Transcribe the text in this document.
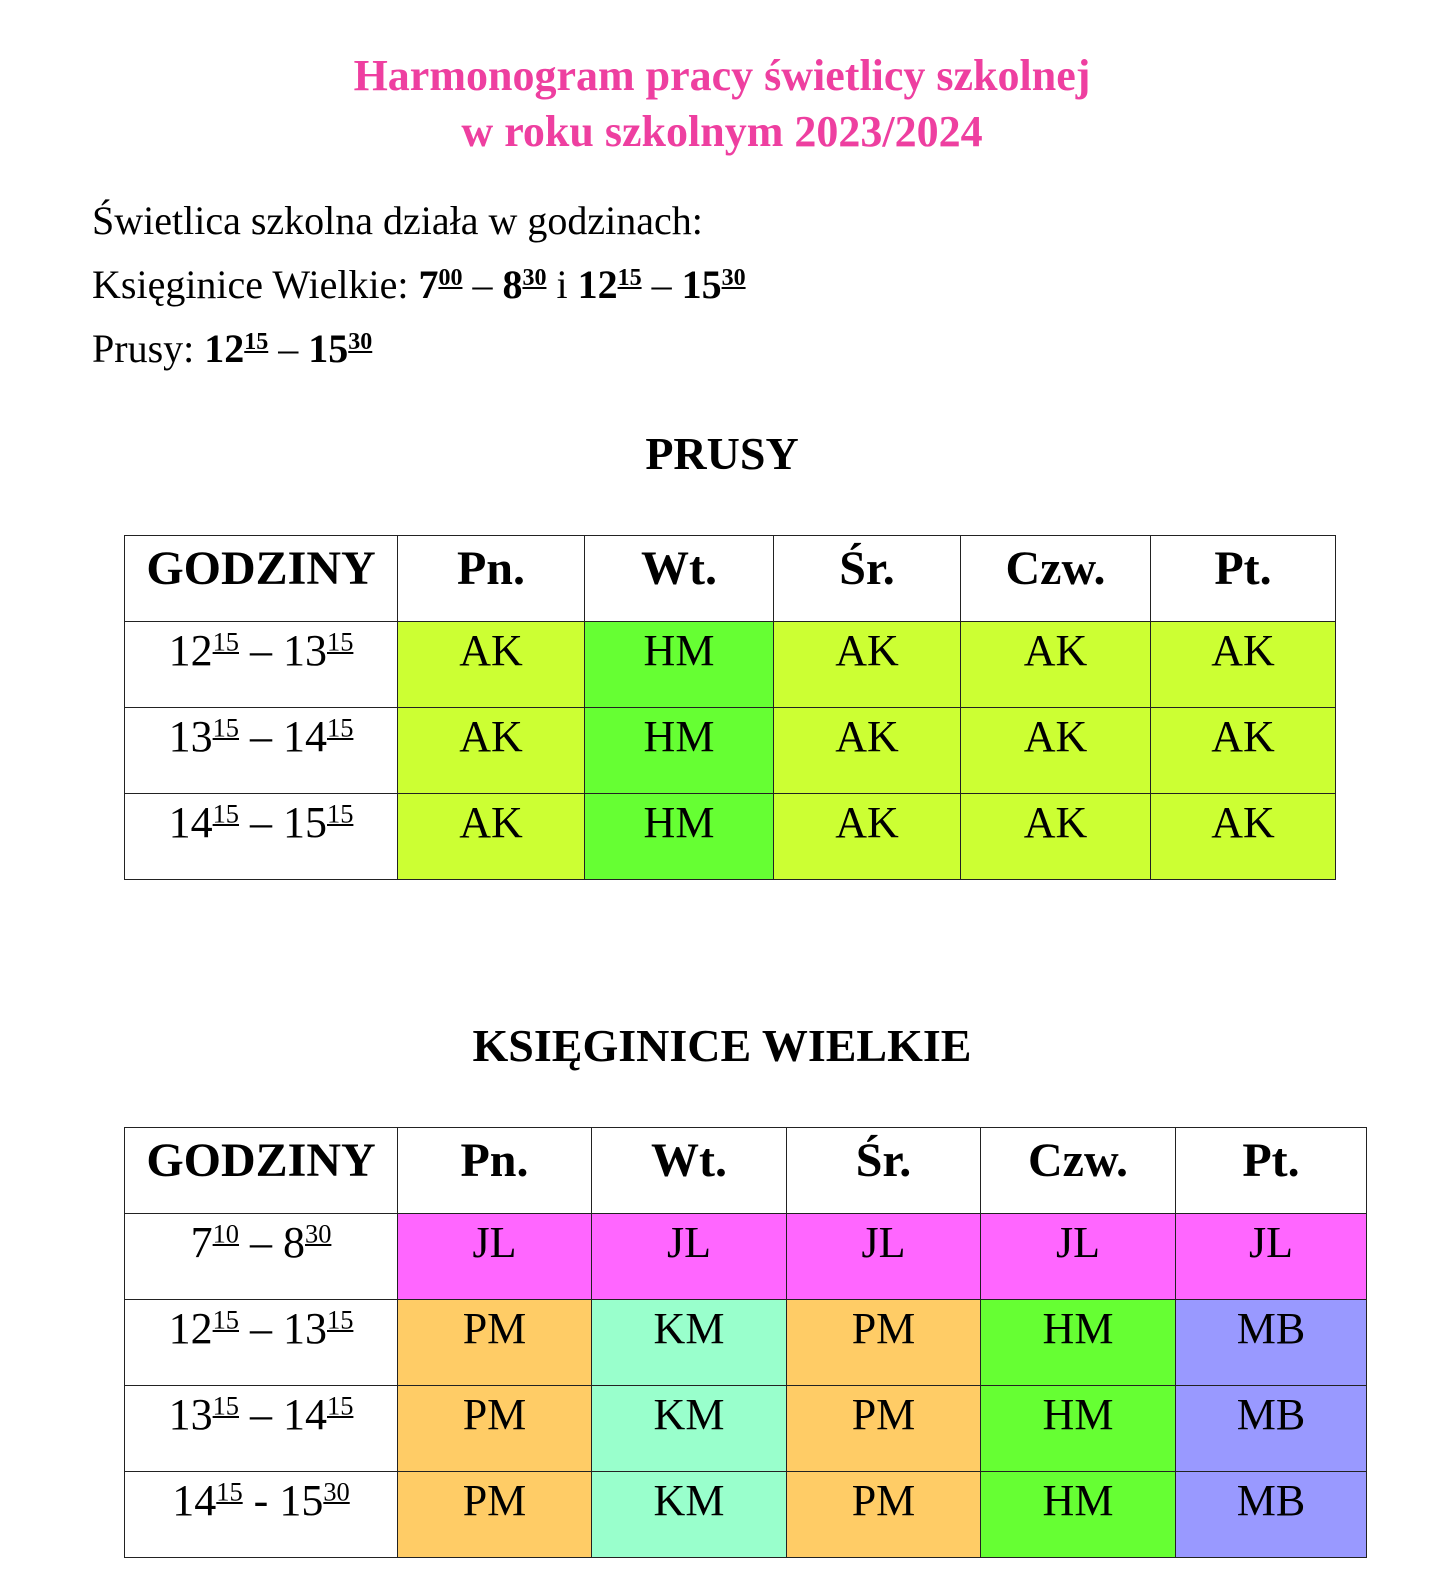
Harmonogram pracy świetlicy szkolnej
w roku szkolnym 2023/2024
Świetlica szkolna działa w godzinach:
Księginice Wielkie: $7^{00} - 8^{30}$ i $12^{15} - 15^{30}$
Prusy: $12^{15} - 15^{30}$
PRUSY
GODZINY	Pn.	Wt.	Śr.	Czw.	Pt.
$12^{15} - 13^{15}$	AK	HM	AK	AK	AK
$13^{15} - 14^{15}$	AK	HM	AK	AK	AK
$14^{15} - 15^{15}$	AK	HM	AK	AK	AK
KSIĘGINICE WIELKIE
GODZINY	Pn.	Wt.	Śr.	Czw.	Pt.
$7^{10} - 8^{30}$	JL	JL	JL	JL	JL
$12^{15} - 13^{15}$	PM	KM	PM	HM	MB
$13^{15} - 14^{15}$	PM	KM	PM	HM	MB
$14^{15} - 15^{30}$	PM	KM	PM	HM	MB
